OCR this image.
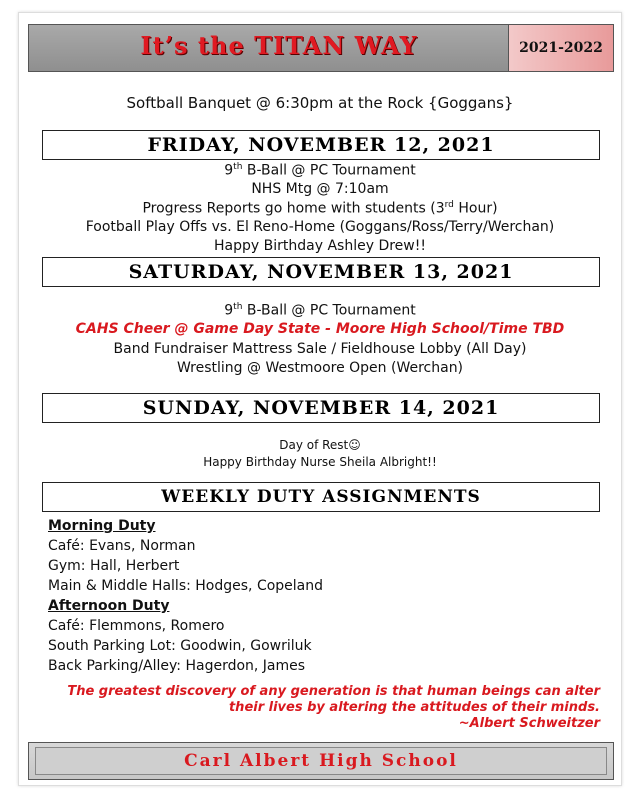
It’s the TITAN WAY	2021-2022
Softball Banquet @ 6:30pm at the Rock {Goggans}
FRIDAY, NOVEMBER 12, 2021
9th B-Ball @ PC Tournament
NHS Mtg @ 7:10am
Progress Reports go home with students (3rd Hour)
Football Play Offs vs. El Reno-Home (Goggans/Ross/Terry/Werchan)
Happy Birthday Ashley Drew!!
SATURDAY, NOVEMBER 13, 2021
9th B-Ball @ PC Tournament
CAHS Cheer @ Game Day State - Moore High School/Time TBD
Band Fundraiser Mattress Sale / Fieldhouse Lobby (All Day)
Wrestling @ Westmoore Open (Werchan)
SUNDAY, NOVEMBER 14, 2021
Day of Rest☺
Happy Birthday Nurse Sheila Albright!!
WEEKLY DUTY ASSIGNMENTS
Morning Duty
Café: Evans, Norman
Gym: Hall, Herbert
Main & Middle Halls: Hodges, Copeland
Afternoon Duty
Café: Flemmons, Romero
South Parking Lot: Goodwin, Gowriluk
Back Parking/Alley: Hagerdon, James
The greatest discovery of any generation is that human beings can alter
their lives by altering the attitudes of their minds.
~Albert Schweitzer
Carl Albert High School
